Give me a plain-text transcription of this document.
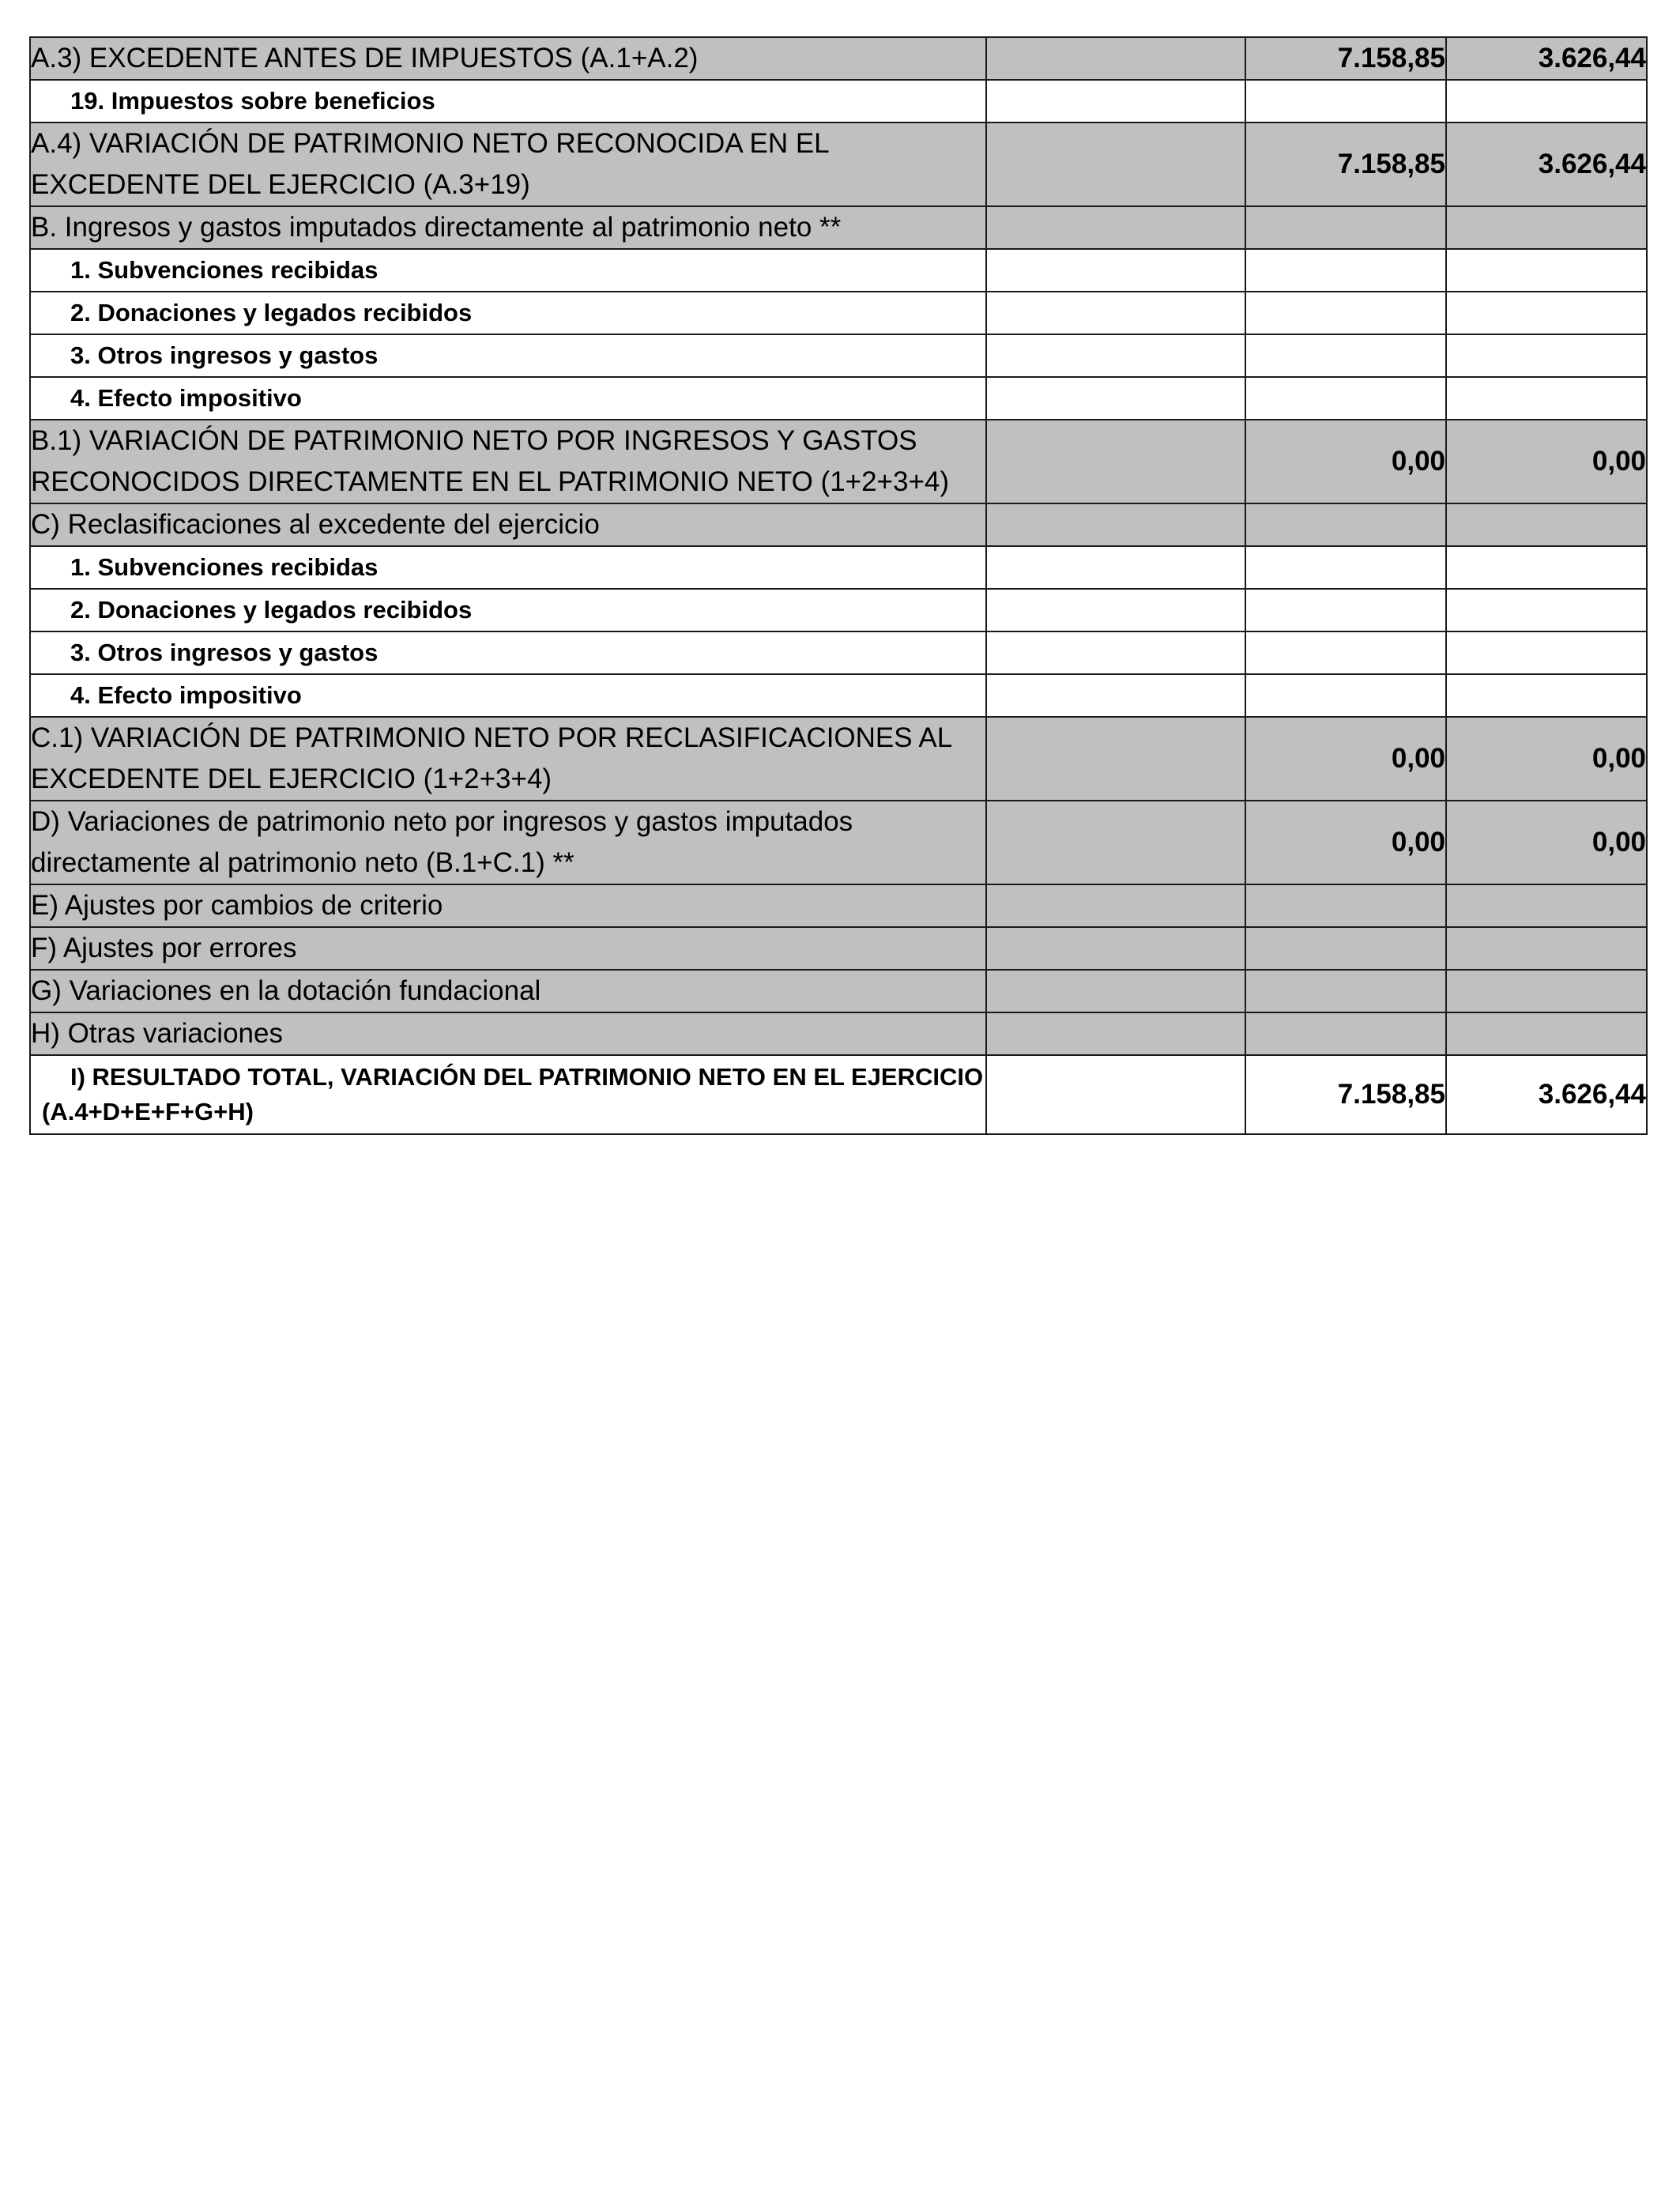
A.3) EXCEDENTE ANTES DE IMPUESTOS (A.1+A.2)		7.158,85	3.626,44
19. Impuestos sobre beneficios			
A.4) VARIACIÓN DE PATRIMONIO NETO RECONOCIDA EN EL EXCEDENTE DEL EJERCICIO (A.3+19)		7.158,85	3.626,44
B. Ingresos y gastos imputados directamente al patrimonio neto **			
1. Subvenciones recibidas			
2. Donaciones y legados recibidos			
3. Otros ingresos y gastos			
4. Efecto impositivo			
B.1) VARIACIÓN DE PATRIMONIO NETO POR INGRESOS Y GASTOS RECONOCIDOS DIRECTAMENTE EN EL PATRIMONIO NETO (1+2+3+4)		0,00	0,00
C) Reclasificaciones al excedente del ejercicio			
1. Subvenciones recibidas			
2. Donaciones y legados recibidos			
3. Otros ingresos y gastos			
4. Efecto impositivo			
C.1) VARIACIÓN DE PATRIMONIO NETO POR RECLASIFICACIONES AL EXCEDENTE DEL EJERCICIO (1+2+3+4)		0,00	0,00
D) Variaciones de patrimonio neto por ingresos y gastos imputados directamente al patrimonio neto (B.1+C.1) **		0,00	0,00
E) Ajustes por cambios de criterio			
F) Ajustes por errores			
G) Variaciones en la dotación fundacional			
H) Otras variaciones			
I) RESULTADO TOTAL, VARIACIÓN DEL PATRIMONIO NETO EN EL EJERCICIO (A.4+D+E+F+G+H)		7.158,85	3.626,44
